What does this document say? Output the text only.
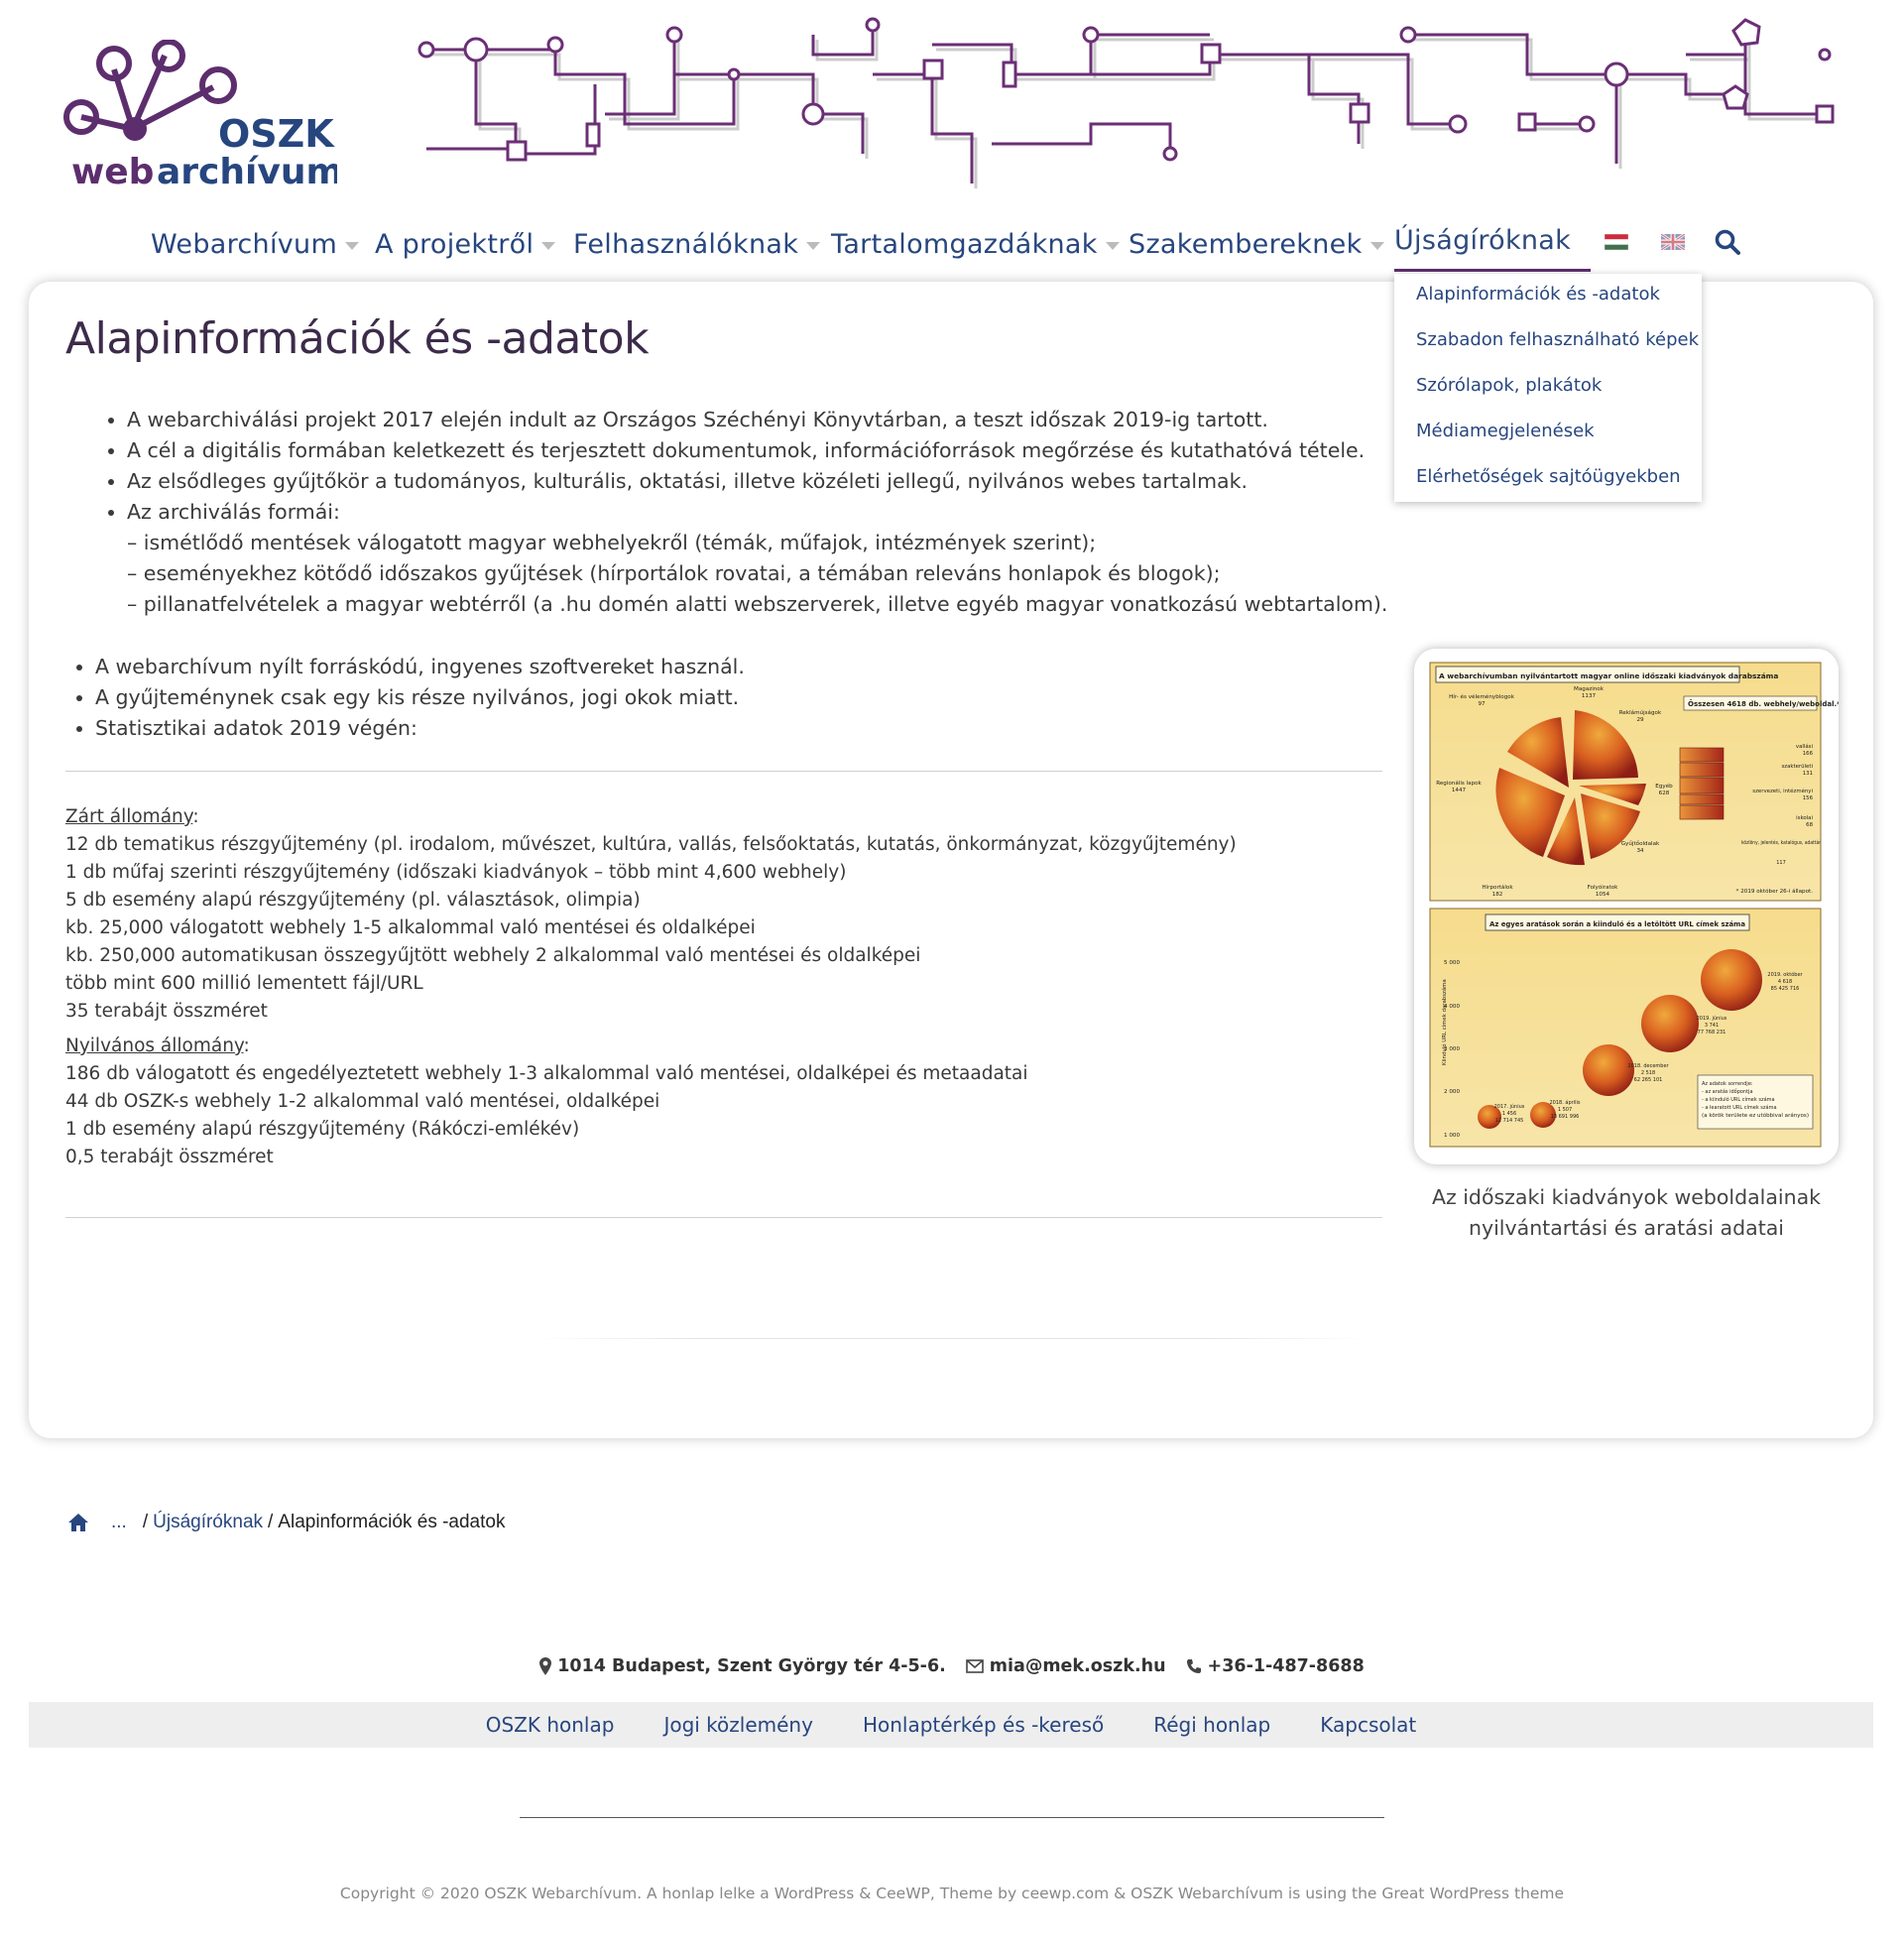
OSZK
web archívum
Webarchívum A projektről Felhasználóknak Tartalomgazdáknak Szakembereknek Újságíróknak
Alapinformációk és -adatok
• A webarchiválási projekt 2017 elején indult az Országos Széchényi Könyvtárban, a teszt időszak 2019-ig tartott.
• A cél a digitális formában keletkezett és terjesztett dokumentumok, információforrások megőrzése és kutathatóvá tétele.
• Az elsődleges gyűjtőkör a tudományos, kulturális, oktatási, illetve közéleti jellegű, nyilvános webes tartalmak.
• Az archiválás formái:
– ismétlődő mentések válogatott magyar webhelyekről (témák, műfajok, intézmények szerint);
– eseményekhez kötődő időszakos gyűjtések (hírportálok rovatai, a témában releváns honlapok és blogok);
– pillanatfelvételek a magyar webtérről (a .hu domén alatti webszerverek, illetve egyéb magyar vonatkozású webtartalom).
• A webarchívum nyílt forráskódú, ingyenes szoftvereket használ.
• A gyűjteménynek csak egy kis része nyilvános, jogi okok miatt.
• Statisztikai adatok 2019 végén:
Zárt állomány:
12 db tematikus részgyűjtemény (pl. irodalom, művészet, kultúra, vallás, felsőoktatás, kutatás, önkormányzat, közgyűjtemény)
1 db műfaj szerinti részgyűjtemény (időszaki kiadványok – több mint 4,600 webhely)
5 db esemény alapú részgyűjtemény (pl. választások, olimpia)
kb. 25,000 válogatott webhely 1-5 alkalommal való mentései és oldalképei
kb. 250,000 automatikusan összegyűjtött webhely 2 alkalommal való mentései és oldalképei
több mint 600 millió lementett fájl/URL
35 terabájt összméret
Nyilvános állomány:
186 db válogatott és engedélyeztetett webhely 1-3 alkalommal való mentései, oldalképei és metaadatai
44 db OSZK-s webhely 1-2 alkalommal való mentései, oldalképei
1 db esemény alapú részgyűjtemény (Rákóczi-emlékév)
0,5 terabájt összméret
A webarchívumban nyilvántartott magyar online időszaki kiadványok darabszáma
Összesen 4618 db. webhely/weboldal.*
Hír- és véleményblogok
97
Magazinok
1137
Reklámújságok
29
Regionális lapok
1447
Egyéb
628
Gyűjtőoldalak
34
Hírportálok
182
Folyóiratok
1054
vallási
166
szakterületi
131
szervezeti, intézményi
156
iskolai
68
közlöny, jelentés, katalógus, adattár
117
* 2019 október 26-i állapot.
Az egyes aratások során a kiinduló és a letöltött URL címek száma
5 000
4 000
3 000
2 000
1 000
Kiinduló URL címek darabszáma
2017. június
1 456
12 714 745
2018. április
1 507
13 691 996
2018. december
2 518
62 265 101
2019. június
3 741
77 768 231
2019. október
4 618
85 425 716
Az adatok sorrendje:
- az aratás időpontja
- a kiinduló URL címek száma
- a learatott URL címek száma
(a körök területe ez utóbbival arányos)
Az időszaki kiadványok weboldalainak
nyilvántartási és aratási adatai
Alapinformációk és -adatok
Szabadon felhasználható képek
Szórólapok, plakátok
Médiamegjelenések
Elérhetőségek sajtóügyekben
... / Újságíróknak / Alapinformációk és -adatok
1014 Budapest, Szent György tér 4-5-6.	mia@mek.oszk.hu +36-1-487-8688
OSZK honlap	Jogi közlemény	Honlaptérkép és -kereső	Régi honlap	Kapcsolat
Copyright © 2020 OSZK Webarchívum. A honlap lelke a WordPress & CeeWP, Theme by ceewp.com & OSZK Webarchívum is using the Great WordPress theme
